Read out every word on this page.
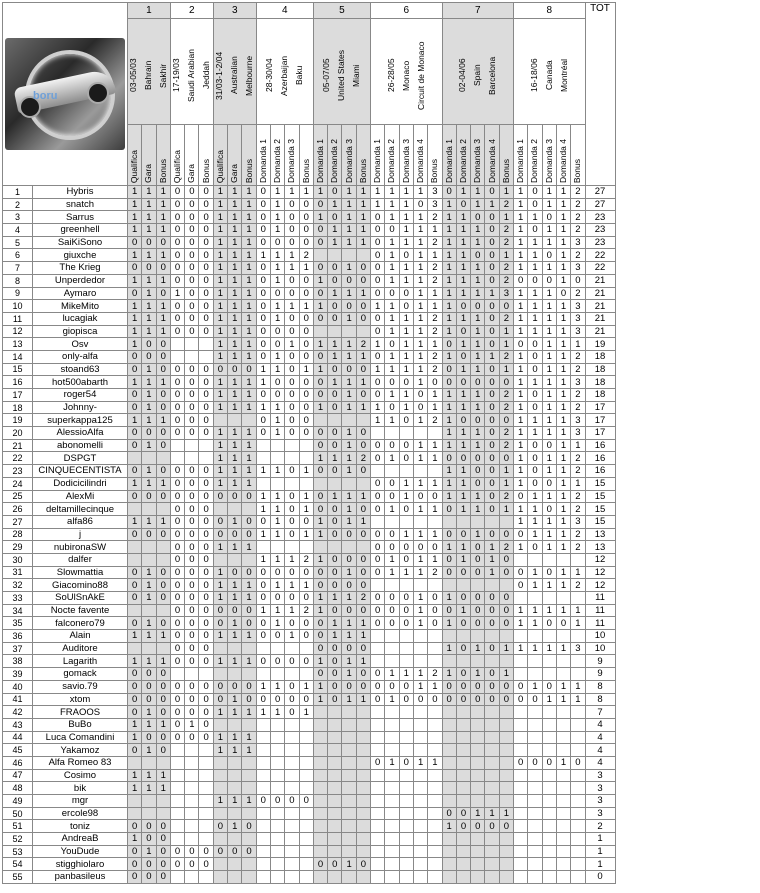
boru		1			2			3			4				5				6					7					8					TOT

		03-05/03 Bahrain Sakhir			17-19/03 Saudi Arabian Jeddah			31/03-1-2/04 Australian Melbourne			28-30/04 Azerbaijan Baku				05-07/05 United States Miami				26-28/05 Monaco Circuit de Monaco					02-04/06 Spain Barcelona					16-18/06 Canada Montréal					

		Qualifica	Gara	Bonus	Qualifica	Gara	Bonus	Qualifica	Gara	Bonus	Domanda 1	Domanda 2	Domanda 3	Bonus	Domanda 1	Domanda 2	Domanda 3	Bonus	Domanda 1	Domanda 2	Domanda 3	Domanda 4	Bonus	Domanda 1	Domanda 2	Domanda 3	Domanda 4	Bonus	Domanda 1	Domanda 2	Domanda 3	Domanda 4	Bonus	
1	Hybris	1	1	1	0	0	0	1	1	1	0	1	1	1	1	0	1	1	1	1	1	1	3	0	1	1	0	1	1	0	1	1	2	27
2	snatch	1	1	1	0	0	0	1	1	1	0	1	0	0	0	1	1	1	1	1	1	0	3	1	0	1	1	2	1	0	1	1	2	27
3	Sarrus	1	1	1	0	0	0	1	1	1	0	1	0	0	1	0	1	1	0	1	1	1	2	1	1	0	0	1	1	1	0	1	2	23
4	greenhell	1	1	1	0	0	0	1	1	1	0	1	0	0	0	1	1	1	0	0	1	1	1	1	1	1	0	2	1	0	1	1	2	23
5	SaiKiSono	0	0	0	0	0	0	1	1	1	0	0	0	0	0	1	1	1	0	1	1	1	2	1	1	1	0	2	1	1	1	1	3	23
6	giuxche	1	1	1	0	0	0	1	1	1	1	1	1	2					0	1	0	1	1	1	1	0	0	1	1	1	0	1	2	22
7	The Krieg	0	0	0	0	0	0	1	1	1	0	1	1	1	0	0	1	0	0	1	1	1	2	1	1	1	0	2	1	1	1	1	3	22
8	Unperdedor	1	1	1	0	0	0	1	1	1	0	1	0	0	1	0	0	0	0	1	1	1	2	1	1	1	0	2	0	0	0	1	0	21
9	Aymaro	0	1	0	1	0	0	1	1	1	0	0	0	0	0	1	1	1	0	0	0	1	1	1	1	1	1	3	1	1	1	0	2	21
10	MikeMito	1	1	1	0	0	0	1	1	1	0	1	1	1	1	0	0	0	1	1	0	1	1	1	0	0	0	0	1	1	1	1	3	21
11	lucagiak	1	1	1	0	0	0	1	1	1	0	1	0	0	0	0	1	0	0	1	1	1	2	1	1	1	0	2	1	1	1	1	3	21
12	giopisca	1	1	1	0	0	0	1	1	1	0	0	0	0					0	1	1	1	2	1	0	1	0	1	1	1	1	1	3	21
13	Osv	1	0	0				1	1	1	0	0	1	0	1	1	1	2	1	0	1	1	1	0	1	1	0	1	0	0	1	1	1	19
14	only-alfa	0	0	0				1	1	1	0	1	0	0	0	1	1	1	0	1	1	1	2	1	0	1	1	2	1	0	1	1	2	18
15	stoand63	0	1	0	0	0	0	0	0	0	1	1	0	1	1	0	0	0	1	1	1	1	2	0	1	1	0	1	1	0	1	1	2	18
16	hot500abarth	1	1	1	0	0	0	1	1	1	1	0	0	0	0	1	1	1	0	0	0	1	0	0	0	0	0	0	1	1	1	1	3	18
17	roger54	0	1	0	0	0	0	1	1	1	0	0	0	0	0	0	1	0	0	1	1	0	1	1	1	1	0	2	1	0	1	1	2	18
18	Johnny-	0	1	0	0	0	0	1	1	1	1	1	0	0	1	0	1	1	1	0	1	0	1	1	1	1	0	2	1	0	1	1	2	17
19	superkappa125	1	1	1	0	0	0				0	1	0	0					1	1	0	1	2	1	0	0	0	0	1	1	1	1	3	17
20	AlessioAlfa	0	0	0	0	0	0	1	1	1	0	1	0	0	0	0	1	0						1	1	1	0	2	1	1	1	1	3	17
21	abonomelli	0	1	0				1	1	1					0	0	1	0	0	0	0	1	1	1	1	1	0	2	1	0	0	1	1	16
22	DSPGT							1	1	1					1	1	1	2	0	1	0	1	1	0	0	0	0	0	1	0	1	1	2	16
23	CINQUECENTISTA	0	1	0	0	0	0	1	1	1	1	1	0	1	0	0	1	0						1	1	0	0	1	1	0	1	1	2	16
24	Dodicicilindri	1	1	1	0	0	0	1	1	1									0	0	1	1	1	1	1	0	0	1	1	0	0	1	1	15
25	AlexMi	0	0	0	0	0	0	0	0	0	1	1	0	1	0	1	1	1	0	0	1	0	0	1	1	1	0	2	0	1	1	1	2	15
26	deltamillecinque				0	0	0				1	1	0	1	0	0	1	0	0	1	0	1	1	0	1	1	0	1	1	1	0	1	2	15
27	alfa86	1	1	1	0	0	0	0	1	0	0	1	0	0	1	0	1	1											1	1	1	1	3	15
28	j	0	0	0	0	0	0	0	0	0	1	1	0	1	1	0	0	0	0	0	1	1	1	0	0	1	0	0	0	1	1	1	2	13
29	nubironaSW				0	0	0	1	1	1									0	0	0	0	0	1	1	0	1	2	1	0	1	1	2	13
30	dalfer				0	0	0				1	1	1	2	1	0	0	0	0	1	0	1	1	0	1	0	1	0						12
31	Slowmattia	0	1	0	0	0	0	1	0	0	0	0	0	0	0	0	1	0	0	1	1	1	2	0	0	0	1	0	0	1	0	1	1	12
32	Giacomino88	0	1	0	0	0	0	1	1	1	0	1	1	1	0	0	0	0											0	1	1	1	2	12
33	SoUlSnAkE	0	1	0	0	0	0	1	1	1	0	0	0	0	1	1	1	2	0	0	0	1	0	1	0	0	0	0						11
34	Nocte favente				0	0	0	0	0	0	1	1	1	2	1	0	0	0	0	0	0	1	0	0	1	0	0	0	1	1	1	1	1	11
35	falconero79	0	1	0	0	0	0	0	1	0	0	1	0	0	0	1	1	1	0	0	0	1	0	1	0	0	0	0	1	1	0	0	1	11
36	Alain	1	1	1	0	0	0	1	1	1	0	0	1	0	0	1	1	1																10
37	Auditore				0	0	0								0	0	0	0						1	0	1	0	1	1	1	1	1	3	10
38	Lagarith	1	1	1	0	0	0	1	1	1	0	0	0	0	1	0	1	1																9
39	gomack	0	0	0											0	0	1	0	0	1	1	1	2	1	0	1	0	1						9
40	savio.79	0	0	0	0	0	0	0	0	0	1	1	0	1	1	0	0	0	0	0	0	1	1	0	0	0	0	0	0	1	0	1	1	8
41	xtom	0	0	0	0	0	0	0	1	0	0	0	0	0	1	0	1	1	0	1	0	0	0	0	0	0	0	0	0	0	1	1	1	8
42	FRAOOS	0	1	0	0	0	0	1	1	1	1	1	0	1																				7
43	BuBo	1	1	1	0	1	0																											4
44	Luca Comandini	1	0	0	0	0	0	1	1	1																								4
45	Yakamoz	0	1	0				1	1	1																								4
46	Alfa Romeo 83																		0	1	0	1	1						0	0	0	1	0	4
47	Cosimo	1	1	1																														3
48	bik	1	1	1																														3
49	mgr							1	1	1	0	0	0	0																				3
50	ercole98																							0	0	1	1	1						3
51	toniz	0	0	0				0	1	0														1	0	0	0	0						2
52	AndreaB	1	0	0																														1
53	YouDude	0	1	0	0	0	0	0	0	0																								1
54	stigghiolaro	0	0	0	0	0	0								0	0	1	0																1
55	panbasileus	0	0	0																														0
